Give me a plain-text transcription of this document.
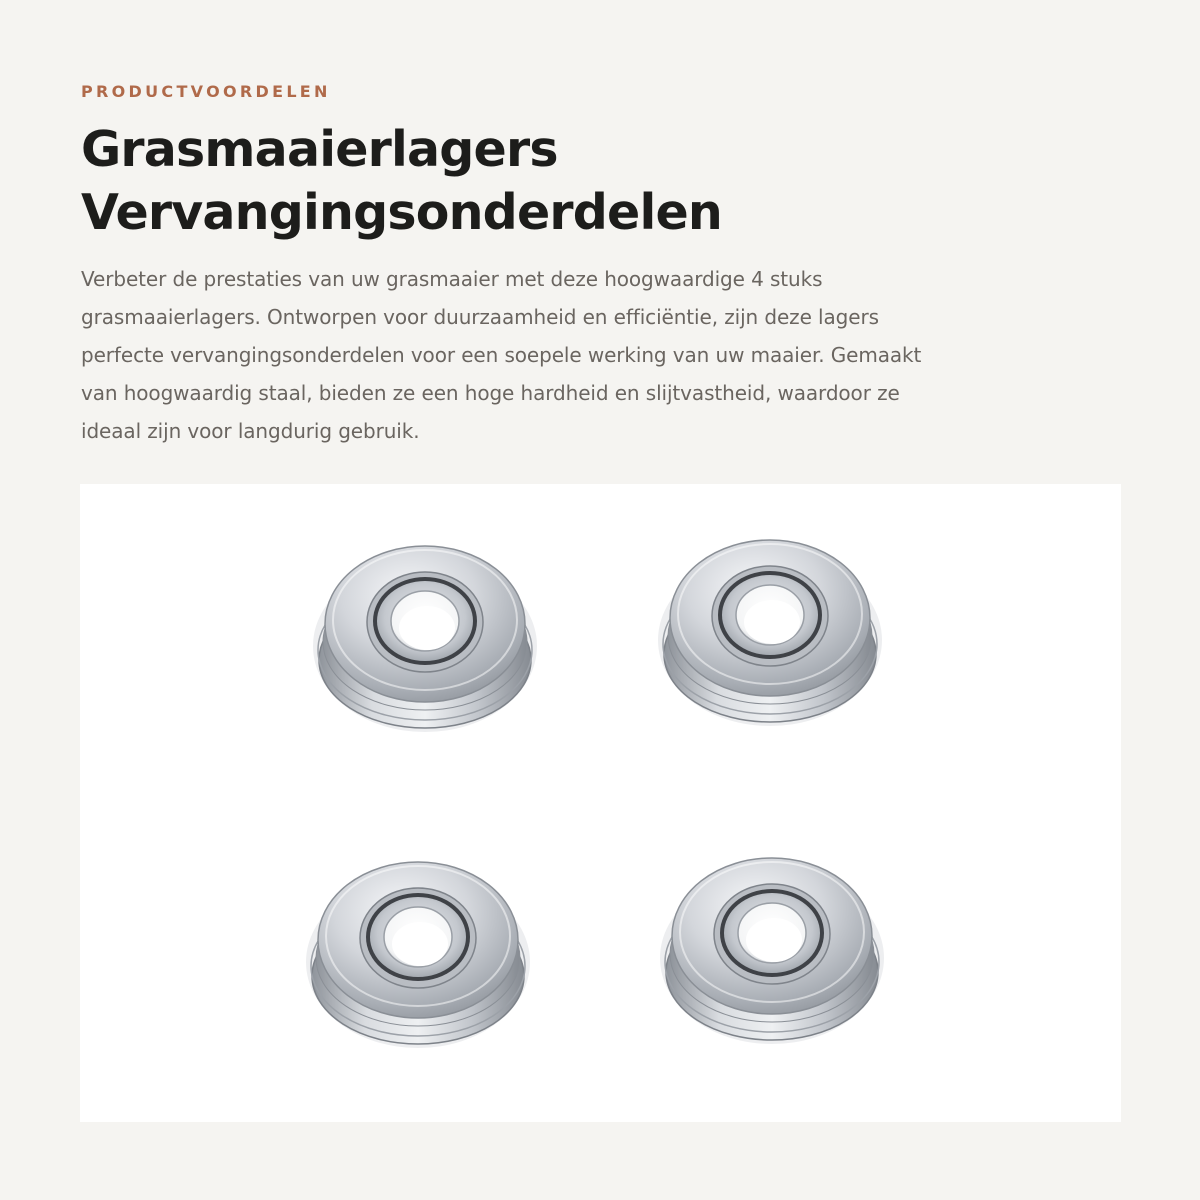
PRODUCTVOORDELEN
Grasmaaierlagers
Vervangingsonderdelen

Verbeter de prestaties van uw grasmaaier met deze hoogwaardige 4 stuks
grasmaaierlagers. Ontworpen voor duurzaamheid en efficiëntie, zijn deze lagers
perfecte vervangingsonderdelen voor een soepele werking van uw maaier. Gemaakt
van hoogwaardig staal, bieden ze een hoge hardheid en slijtvastheid, waardoor ze
ideaal zijn voor langdurig gebruik.
